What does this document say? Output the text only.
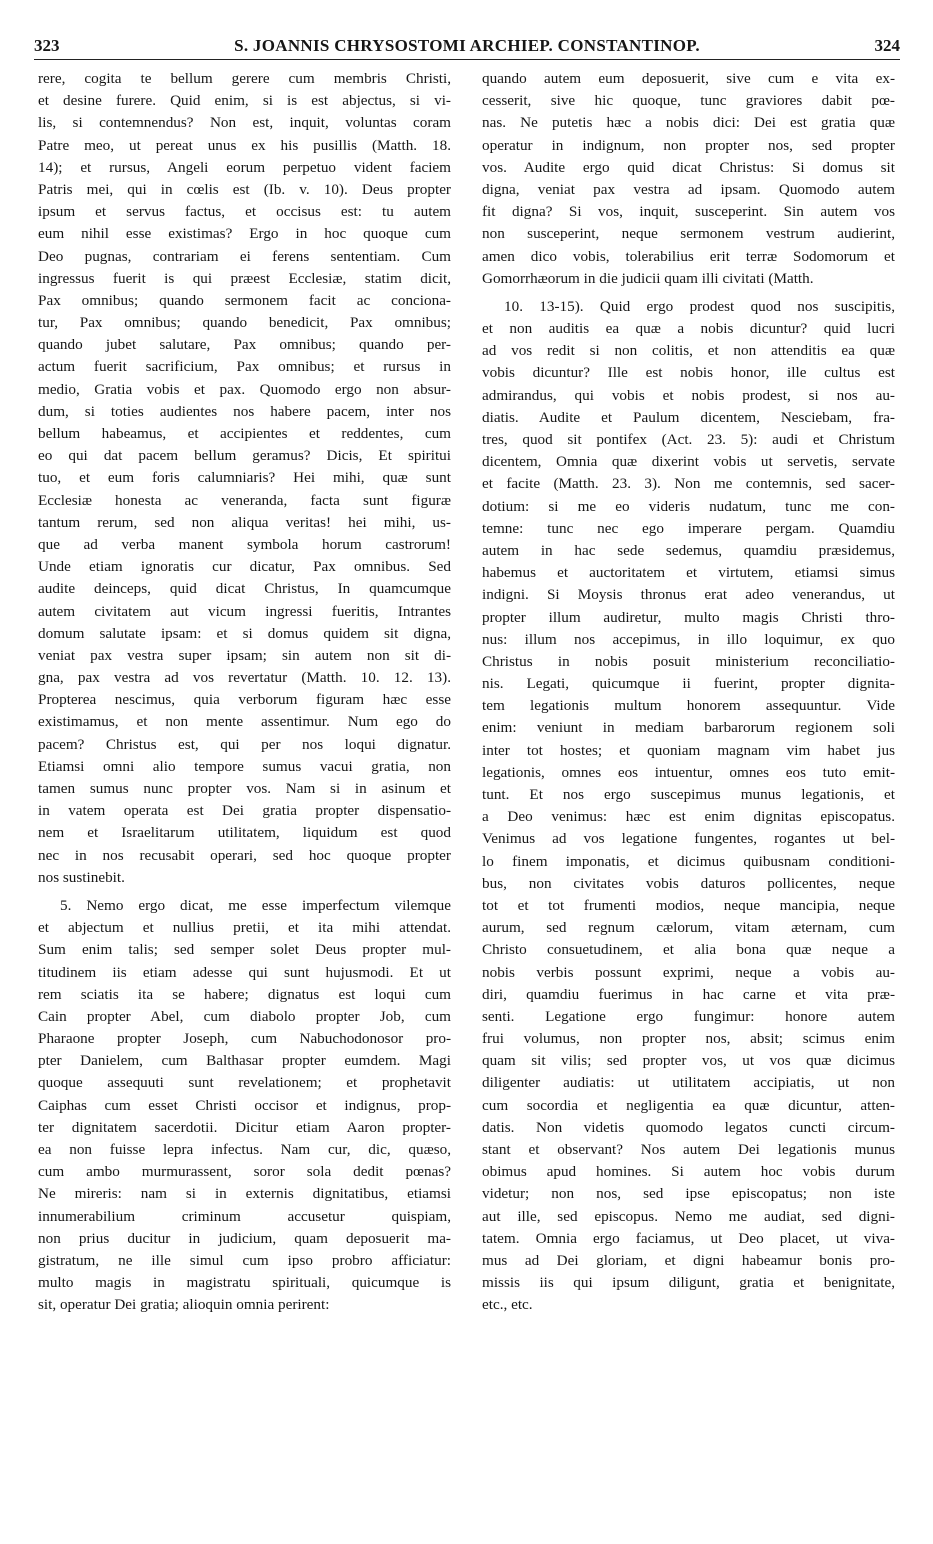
323	S. JOANNIS CHRYSOSTOMI ARCHIEP. CONSTANTINOP.	324
rere, cogita te bellum gerere cum membris Christi,
et desine furere. Quid enim, si is est abjectus, si vi-
lis, si contemnendus? Non est, inquit, voluntas coram
Patre meo, ut pereat unus ex his pusillis (Matth. 18.
14); et rursus, Angeli eorum perpetuo vident faciem
Patris mei, qui in cœlis est (Ib. v. 10). Deus propter
ipsum et servus factus, et occisus est: tu autem
eum nihil esse existimas? Ergo in hoc quoque cum
Deo pugnas, contrariam ei ferens sententiam. Cum
ingressus fuerit is qui præest Ecclesiæ, statim dicit,
Pax omnibus; quando sermonem facit ac conciona-
tur, Pax omnibus; quando benedicit, Pax omnibus;
quando jubet salutare, Pax omnibus; quando per-
actum fuerit sacrificium, Pax omnibus; et rursus in
medio, Gratia vobis et pax. Quomodo ergo non absur-
dum, si toties audientes nos habere pacem, inter nos
bellum habeamus, et accipientes et reddentes, cum
eo qui dat pacem bellum geramus? Dicis, Et spiritui
tuo, et eum foris calumniaris? Hei mihi, quæ sunt
Ecclesiæ honesta ac veneranda, facta sunt figuræ
tantum rerum, sed non aliqua veritas! hei mihi, us-
que ad verba manent symbola horum castrorum!
Unde etiam ignoratis cur dicatur, Pax omnibus. Sed
audite deinceps, quid dicat Christus, In quamcumque
autem civitatem aut vicum ingressi fueritis, Intrantes
domum salutate ipsam: et si domus quidem sit digna,
veniat pax vestra super ipsam; sin autem non sit di-
gna, pax vestra ad vos revertatur (Matth. 10. 12. 13).
Propterea nescimus, quia verborum figuram hæc esse
existimamus, et non mente assentimur. Num ego do
pacem? Christus est, qui per nos loqui dignatur.
Etiamsi omni alio tempore sumus vacui gratia, non
tamen sumus nunc propter vos. Nam si in asinum et
in vatem operata est Dei gratia propter dispensatio-
nem et Israelitarum utilitatem, liquidum est quod
nec in nos recusabit operari, sed hoc quoque propter
nos sustinebit.
5. Nemo ergo dicat, me esse imperfectum vilemque
et abjectum et nullius pretii, et ita mihi attendat.
Sum enim talis; sed semper solet Deus propter mul-
titudinem iis etiam adesse qui sunt hujusmodi. Et ut
rem sciatis ita se habere; dignatus est loqui cum
Cain propter Abel, cum diabolo propter Job, cum
Pharaone propter Joseph, cum Nabuchodonosor pro-
pter Danielem, cum Balthasar propter eumdem. Magi
quoque assequuti sunt revelationem; et prophetavit
Caiphas cum esset Christi occisor et indignus, prop-
ter dignitatem sacerdotii. Dicitur etiam Aaron propter-
ea non fuisse lepra infectus. Nam cur, dic, quæso,
cum ambo murmurassent, soror sola dedit pœnas?
Ne mireris: nam si in externis dignitatibus, etiamsi
innumerabilium criminum accusetur quispiam,
non prius ducitur in judicium, quam deposuerit ma-
gistratum, ne ille simul cum ipso probro afficiatur:
multo magis in magistratu spirituali, quicumque is
sit, operatur Dei gratia; alioquin omnia perirent:
quando autem eum deposuerit, sive cum e vita ex-
cesserit, sive hic quoque, tunc graviores dabit pœ-
nas. Ne putetis hæc a nobis dici: Dei est gratia quæ
operatur in indignum, non propter nos, sed propter
vos. Audite ergo quid dicat Christus: Si domus sit
digna, veniat pax vestra ad ipsam. Quomodo autem
fit digna? Si vos, inquit, susceperint. Sin autem vos
non susceperint, neque sermonem vestrum audierint,
amen dico vobis, tolerabilius erit terræ Sodomorum et
Gomorrhæorum in die judicii quam illi civitati (Matth.
10. 13-15). Quid ergo prodest quod nos suscipitis,
et non auditis ea quæ a nobis dicuntur? quid lucri
ad vos redit si non colitis, et non attenditis ea quæ
vobis dicuntur? Ille est nobis honor, ille cultus est
admirandus, qui vobis et nobis prodest, si nos au-
diatis. Audite et Paulum dicentem, Nesciebam, fra-
tres, quod sit pontifex (Act. 23. 5): audi et Christum
dicentem, Omnia quæ dixerint vobis ut servetis, servate
et facite (Matth. 23. 3). Non me contemnis, sed sacer-
dotium: si me eo videris nudatum, tunc me con-
temne: tunc nec ego imperare pergam. Quamdiu
autem in hac sede sedemus, quamdiu præsidemus,
habemus et auctoritatem et virtutem, etiamsi simus
indigni. Si Moysis thronus erat adeo venerandus, ut
propter illum audiretur, multo magis Christi thro-
nus: illum nos accepimus, in illo loquimur, ex quo
Christus in nobis posuit ministerium reconciliatio-
nis. Legati, quicumque ii fuerint, propter dignita-
tem legationis multum honorem assequuntur. Vide
enim: veniunt in mediam barbarorum regionem soli
inter tot hostes; et quoniam magnam vim habet jus
legationis, omnes eos intuentur, omnes eos tuto emit-
tunt. Et nos ergo suscepimus munus legationis, et
a Deo venimus: hæc est enim dignitas episcopatus.
Venimus ad vos legatione fungentes, rogantes ut bel-
lo finem imponatis, et dicimus quibusnam conditioni-
bus, non civitates vobis daturos pollicentes, neque
tot et tot frumenti modios, neque mancipia, neque
aurum, sed regnum cælorum, vitam æternam, cum
Christo consuetudinem, et alia bona quæ neque a
nobis verbis possunt exprimi, neque a vobis au-
diri, quamdiu fuerimus in hac carne et vita præ-
senti. Legatione ergo fungimur: honore autem
frui volumus, non propter nos, absit; scimus enim
quam sit vilis; sed propter vos, ut vos quæ dicimus
diligenter audiatis: ut utilitatem accipiatis, ut non
cum socordia et negligentia ea quæ dicuntur, atten-
datis. Non videtis quomodo legatos cuncti circum-
stant et observant? Nos autem Dei legationis munus
obimus apud homines. Si autem hoc vobis durum
videtur; non nos, sed ipse episcopatus; non iste
aut ille, sed episcopus. Nemo me audiat, sed digni-
tatem. Omnia ergo faciamus, ut Deo placet, ut viva-
mus ad Dei gloriam, et digni habeamur bonis pro-
missis iis qui ipsum diligunt, gratia et benignitate,
etc., etc.
